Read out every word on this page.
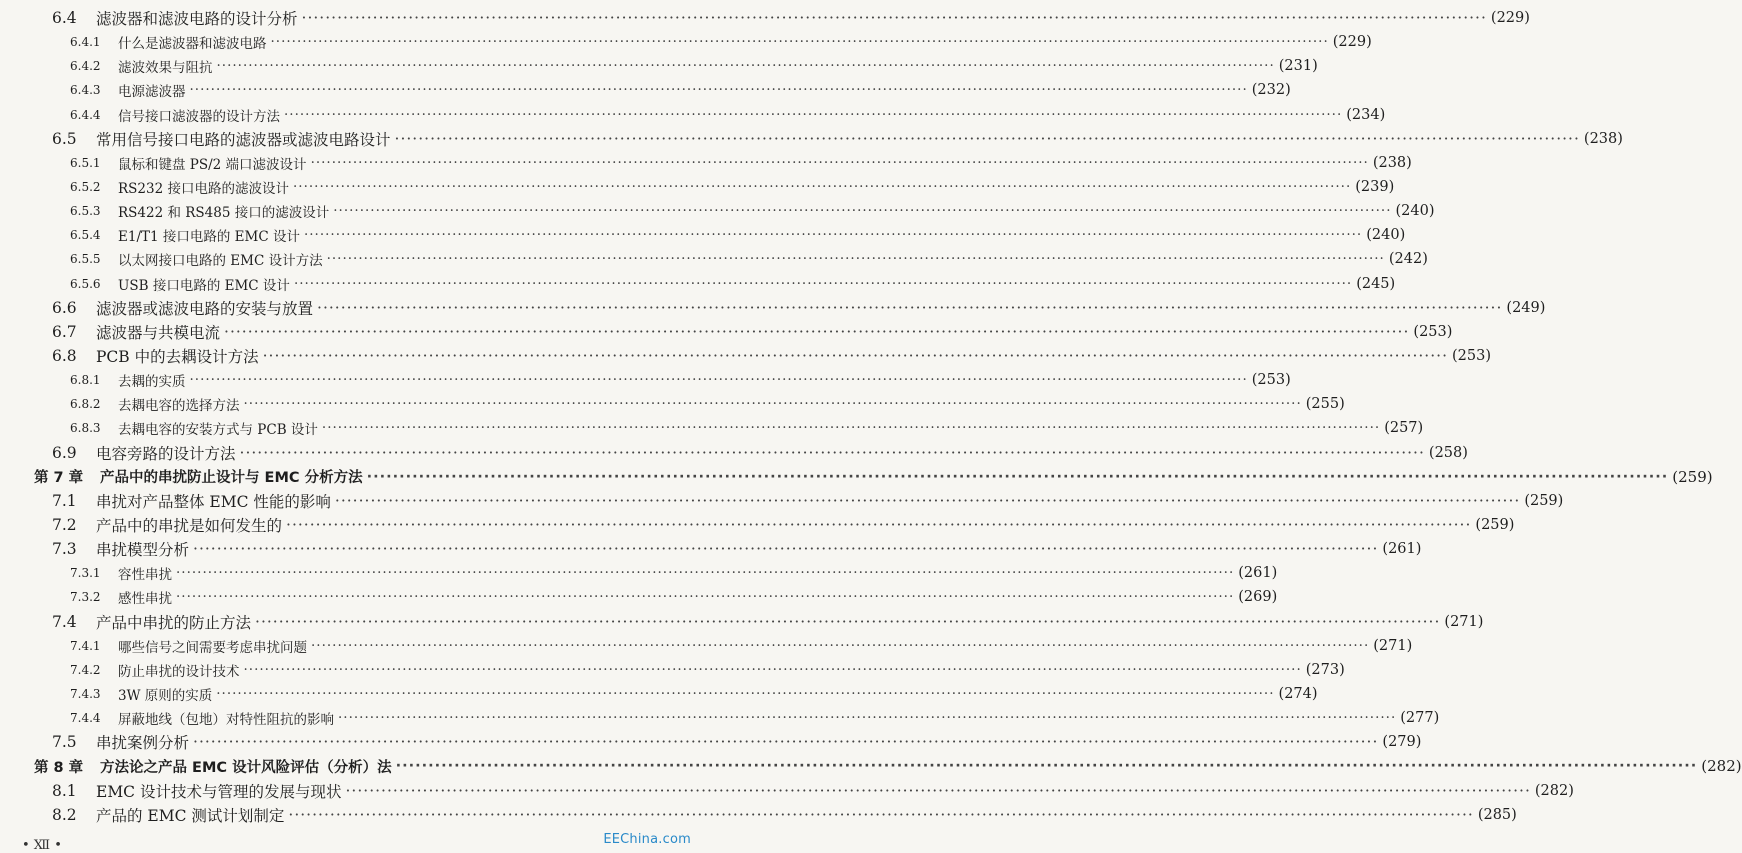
6.4	滤波器和滤波电路的设计分析 ········································································································································································································ (229)
6.4.1	什么是滤波器和滤波电路 ········································································································································································································ (229)
6.4.2	滤波效果与阻抗 ········································································································································································································ (231)
6.4.3	电源滤波器 ········································································································································································································ (232)
6.4.4	信号接口滤波器的设计方法 ········································································································································································································ (234)
6.5	常用信号接口电路的滤波器或滤波电路设计 ········································································································································································································ (238)
6.5.1	鼠标和键盘 PS/2 端口滤波设计 ········································································································································································································ (238)
6.5.2	RS232 接口电路的滤波设计 ········································································································································································································ (239)
6.5.3	RS422 和 RS485 接口的滤波设计 ········································································································································································································ (240)
6.5.4	E1/T1 接口电路的 EMC 设计 ········································································································································································································ (240)
6.5.5	以太网接口电路的 EMC 设计方法 ········································································································································································································ (242)
6.5.6	USB 接口电路的 EMC 设计 ········································································································································································································ (245)
6.6	滤波器或滤波电路的安装与放置 ········································································································································································································ (249)
6.7	滤波器与共模电流 ········································································································································································································ (253)
6.8	PCB 中的去耦设计方法 ········································································································································································································ (253)
6.8.1	去耦的实质 ········································································································································································································ (253)
6.8.2	去耦电容的选择方法 ········································································································································································································ (255)
6.8.3	去耦电容的安装方式与 PCB 设计 ········································································································································································································ (257)
6.9	电容旁路的设计方法 ········································································································································································································ (258)
第 7 章	产品中的串扰防止设计与 EMC 分析方法 ········································································································································································································ (259)
7.1	串扰对产品整体 EMC 性能的影响 ········································································································································································································ (259)
7.2	产品中的串扰是如何发生的 ········································································································································································································ (259)
7.3	串扰模型分析 ········································································································································································································ (261)
7.3.1	容性串扰 ········································································································································································································ (261)
7.3.2	感性串扰 ········································································································································································································ (269)
7.4	产品中串扰的防止方法 ········································································································································································································ (271)
7.4.1	哪些信号之间需要考虑串扰问题 ········································································································································································································ (271)
7.4.2	防止串扰的设计技术 ········································································································································································································ (273)
7.4.3	3W 原则的实质 ········································································································································································································ (274)
7.4.4	屏蔽地线（包地）对特性阻抗的影响 ········································································································································································································ (277)
7.5	串扰案例分析 ········································································································································································································ (279)
第 8 章	方法论之产品 EMC 设计风险评估（分析）法 ········································································································································································································ (282)
8.1	EMC 设计技术与管理的发展与现状 ········································································································································································································ (282)
8.2	产品的 EMC 测试计划制定 ········································································································································································································ (285)
• Ⅻ •	EEChina.com
